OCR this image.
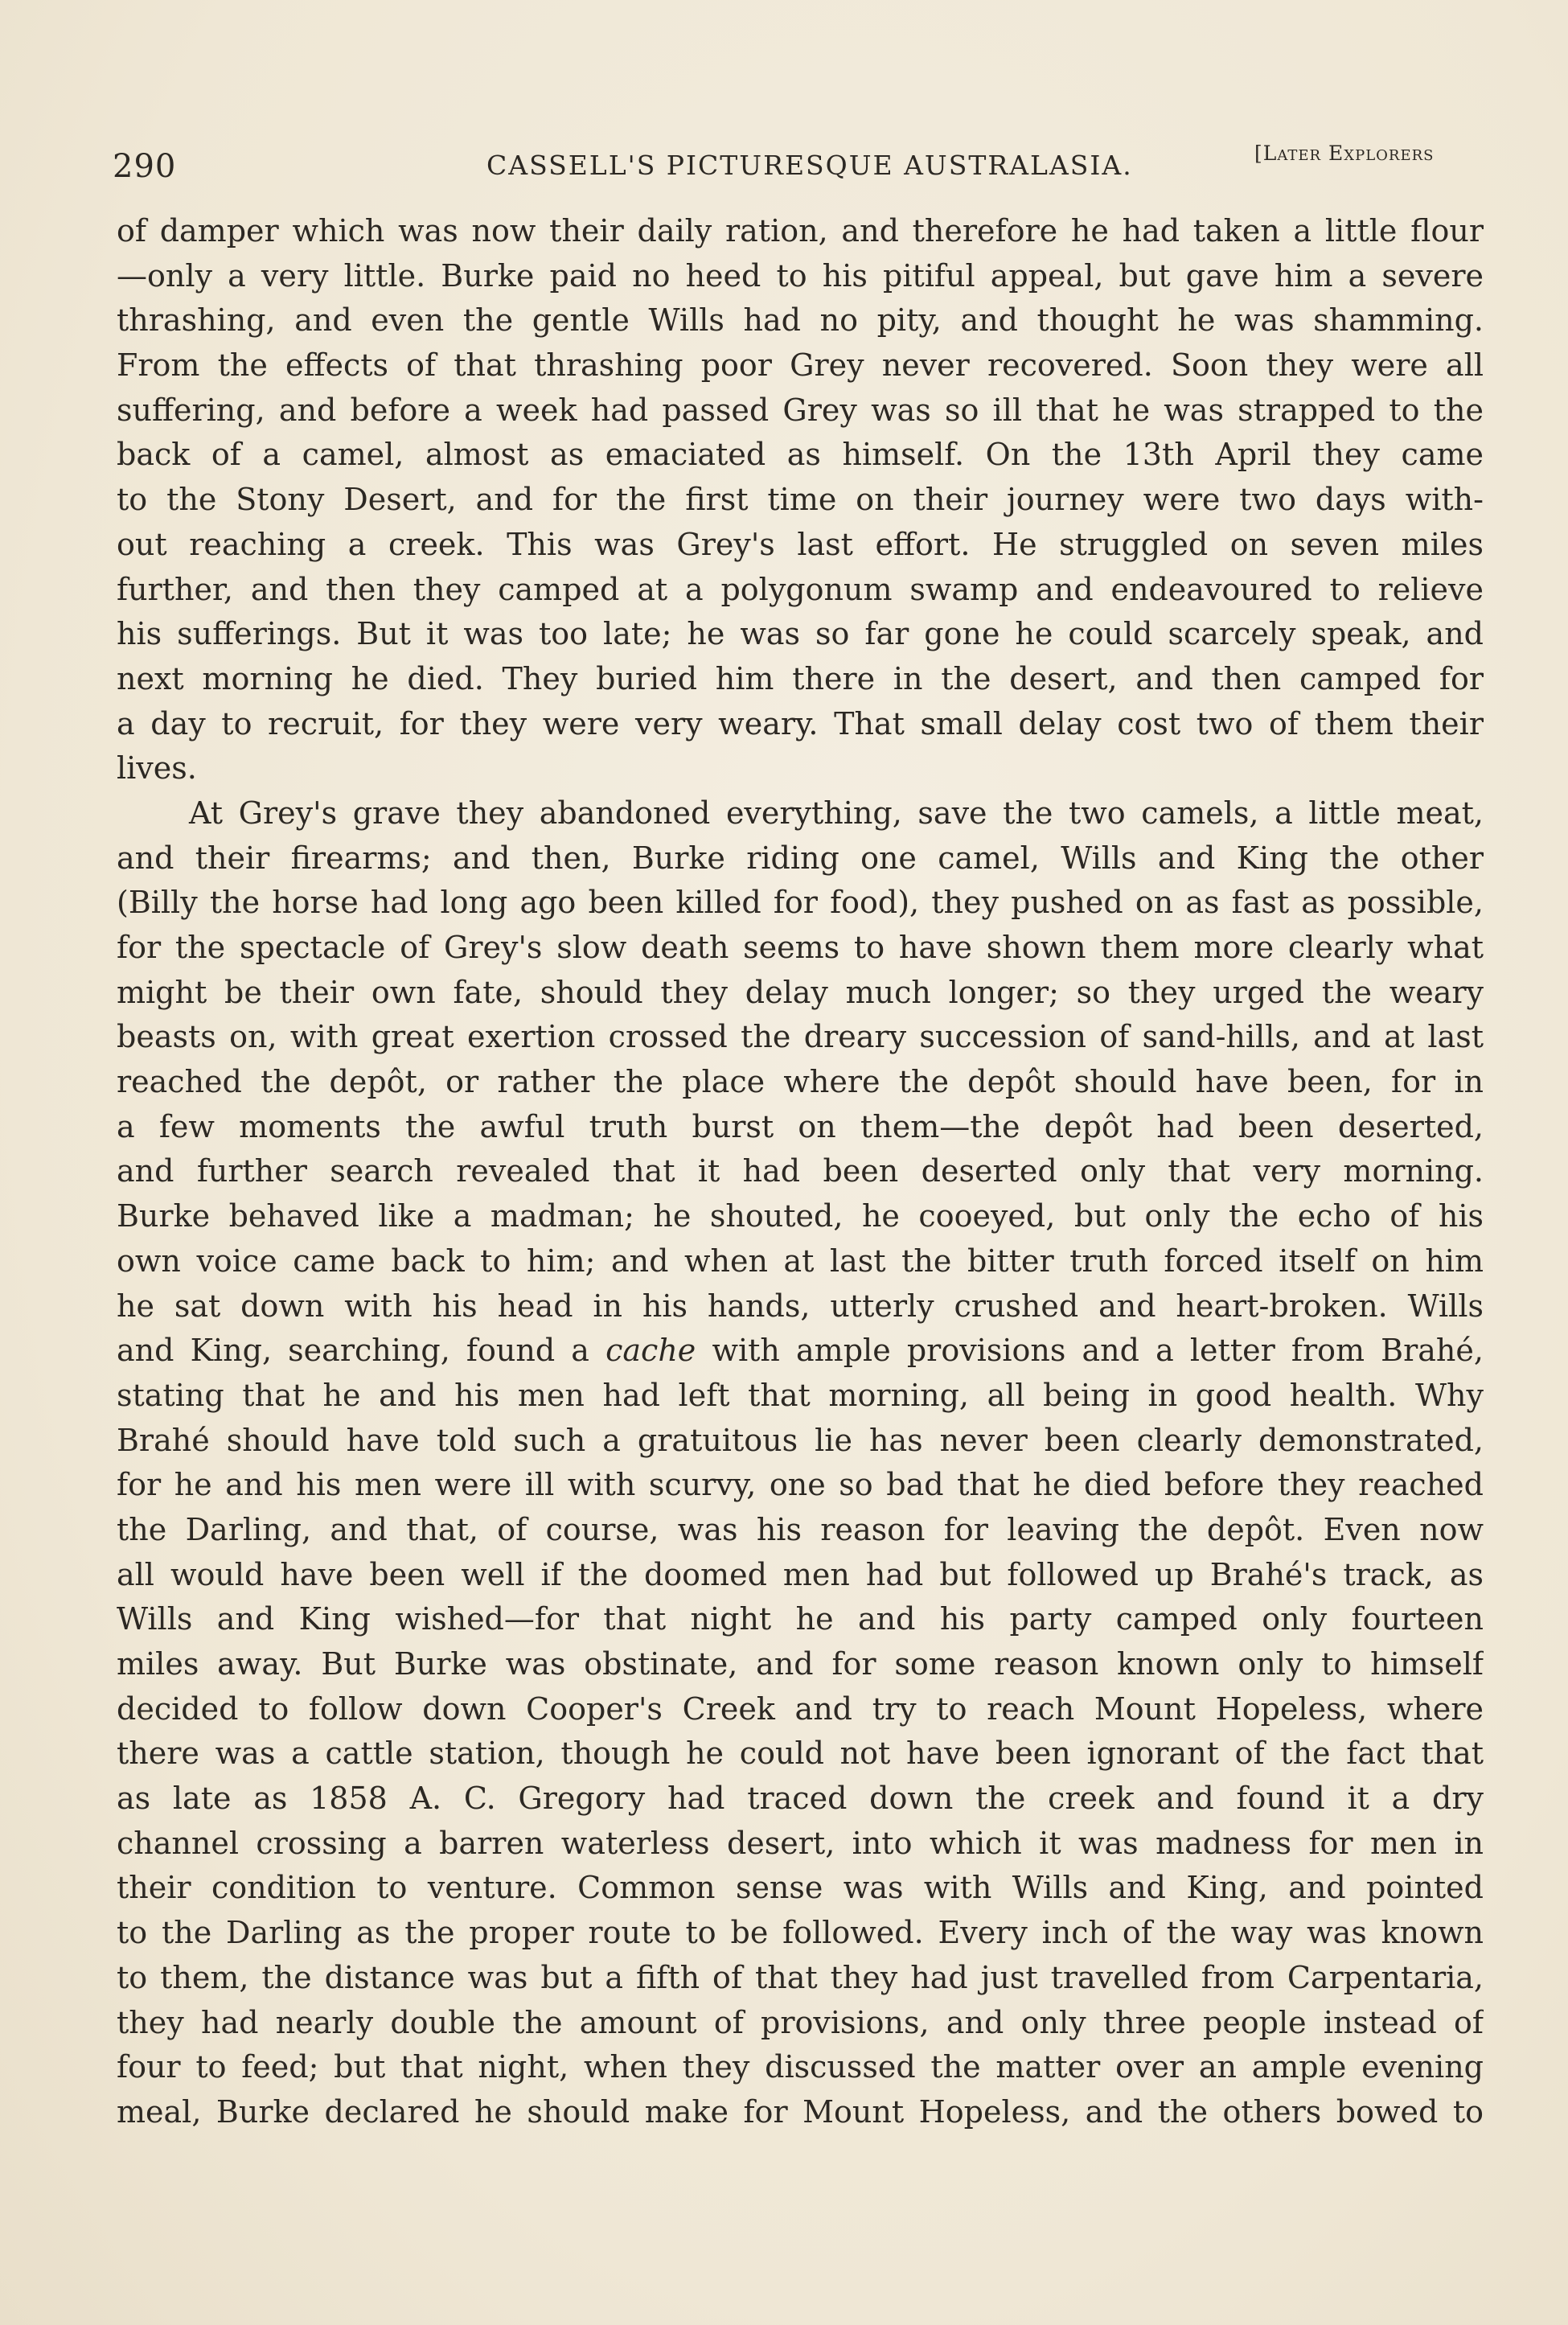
290	CASSELL'S PICTURESQUE AUSTRALASIA.	[Later Explorers
of damper which was now their daily ration, and therefore he had taken a little flour
—only a very little. Burke paid no heed to his pitiful appeal, but gave him a severe
thrashing, and even the gentle Wills had no pity, and thought he was shamming.
From the effects of that thrashing poor Grey never recovered. Soon they were all
suffering, and before a week had passed Grey was so ill that he was strapped to the
back of a camel, almost as emaciated as himself. On the 13th April they came
to the Stony Desert, and for the first time on their journey were two days with-
out reaching a creek. This was Grey's last effort. He struggled on seven miles
further, and then they camped at a polygonum swamp and endeavoured to relieve
his sufferings. But it was too late; he was so far gone he could scarcely speak, and
next morning he died. They buried him there in the desert, and then camped for
a day to recruit, for they were very weary. That small delay cost two of them their
lives.
At Grey's grave they abandoned everything, save the two camels, a little meat,
and their firearms; and then, Burke riding one camel, Wills and King the other
(Billy the horse had long ago been killed for food), they pushed on as fast as possible,
for the spectacle of Grey's slow death seems to have shown them more clearly what
might be their own fate, should they delay much longer; so they urged the weary
beasts on, with great exertion crossed the dreary succession of sand-hills, and at last
reached the depôt, or rather the place where the depôt should have been, for in
a few moments the awful truth burst on them—the depôt had been deserted,
and further search revealed that it had been deserted only that very morning.
Burke behaved like a madman; he shouted, he cooeyed, but only the echo of his
own voice came back to him; and when at last the bitter truth forced itself on him
he sat down with his head in his hands, utterly crushed and heart-broken. Wills
and King, searching, found a cache with ample provisions and a letter from Brahé,
stating that he and his men had left that morning, all being in good health. Why
Brahé should have told such a gratuitous lie has never been clearly demonstrated,
for he and his men were ill with scurvy, one so bad that he died before they reached
the Darling, and that, of course, was his reason for leaving the depôt. Even now
all would have been well if the doomed men had but followed up Brahé's track, as
Wills and King wished—for that night he and his party camped only fourteen
miles away. But Burke was obstinate, and for some reason known only to himself
decided to follow down Cooper's Creek and try to reach Mount Hopeless, where
there was a cattle station, though he could not have been ignorant of the fact that
as late as 1858 A. C. Gregory had traced down the creek and found it a dry
channel crossing a barren waterless desert, into which it was madness for men in
their condition to venture. Common sense was with Wills and King, and pointed
to the Darling as the proper route to be followed. Every inch of the way was known
to them, the distance was but a fifth of that they had just travelled from Carpentaria,
they had nearly double the amount of provisions, and only three people instead of
four to feed; but that night, when they discussed the matter over an ample evening
meal, Burke declared he should make for Mount Hopeless, and the others bowed to
